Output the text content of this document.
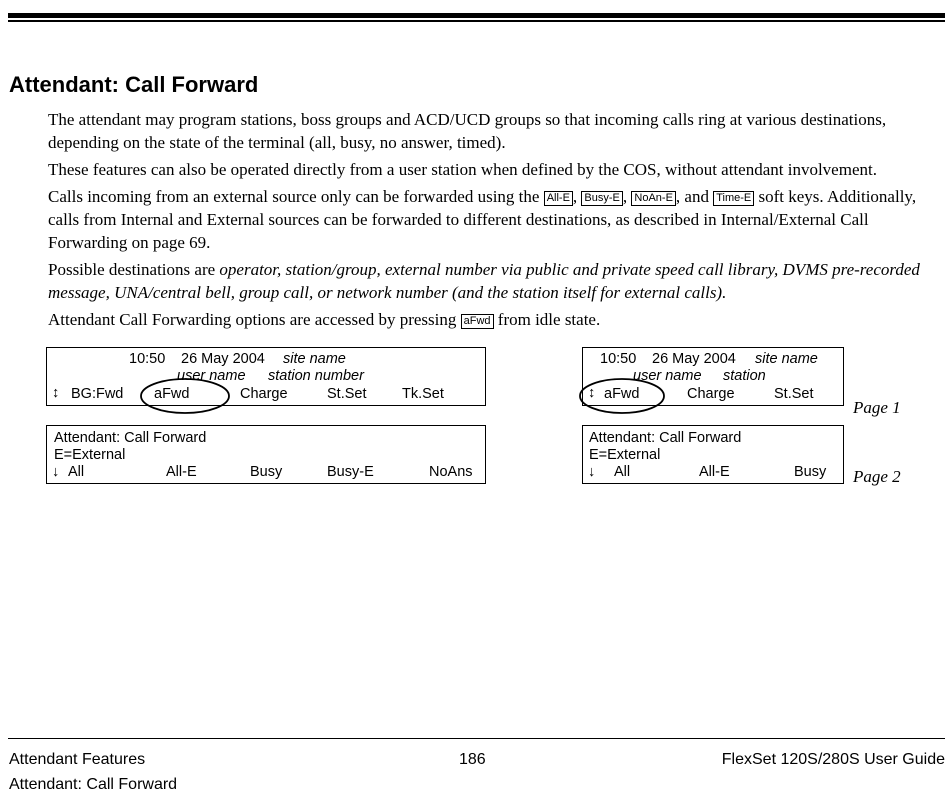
Attendant: Call Forward

The attendant may program stations, boss groups and ACD/UCD groups so that incoming calls ring at various destinations, depending on the state of the terminal (all, busy, no answer, timed).

These features can also be operated directly from a user station when defined by the COS, without attendant involvement.

Calls incoming from an external source only can be forwarded using the All-E , Busy-E , NoAn-E , and Time-E soft keys. Additionally, calls from Internal and External sources can be forwarded to different destinations, as described in Internal/External Call Forwarding on page 69.

Possible destinations are operator, station/group, external number via public and private speed call library, DVMS pre-recorded message, UNA/central bell, group call, or network number (and the station itself for external calls).

Attendant Call Forwarding options are accessed by pressing aFwd from idle state.

10:50 26 May 2004 site name
user name station number
↕ BG:Fwd aFwd	Charge	St.Set Tk.Set
Attendant: Call Forward
E=External
↓ All	All-E	Busy	Busy-E	NoAns
10:50 26 May 2004 site name
user name station
↕ aFwd	Charge	St.Set
Attendant: Call Forward
E=External
↓ All	All-E	Busy
Page 1
Page 2
Attendant Features
Attendant: Call Forward
186	FlexSet 120S/280S User Guide
